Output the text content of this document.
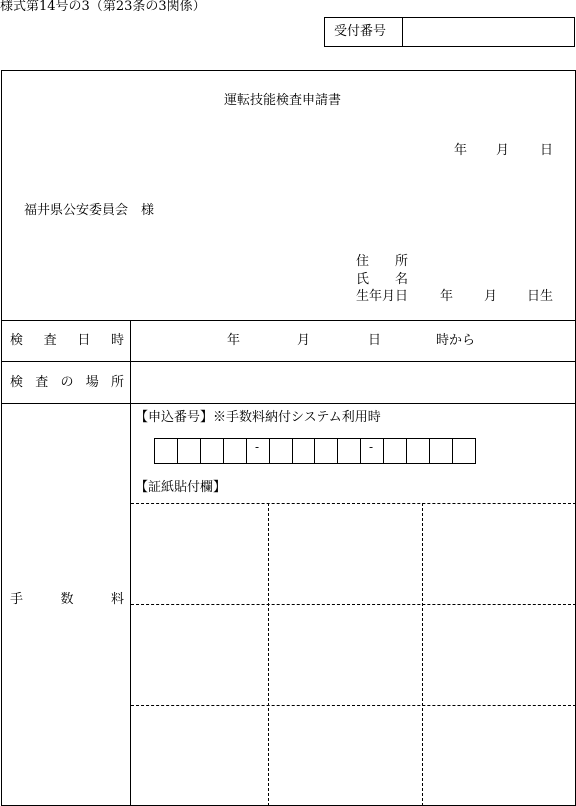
様式第14号の3（第23条の3関係）
受付番号
運転技能検査申請書
年 月 日
福井県公安委員会　様
住　　所
氏　　名
生年月日 年 月 日生
検 査 日 時	年	月	日	時から
検 査 の 場 所
手	数	料
【申込番号】※手数料納付システム利用時
-	-
【証紙貼付欄】
